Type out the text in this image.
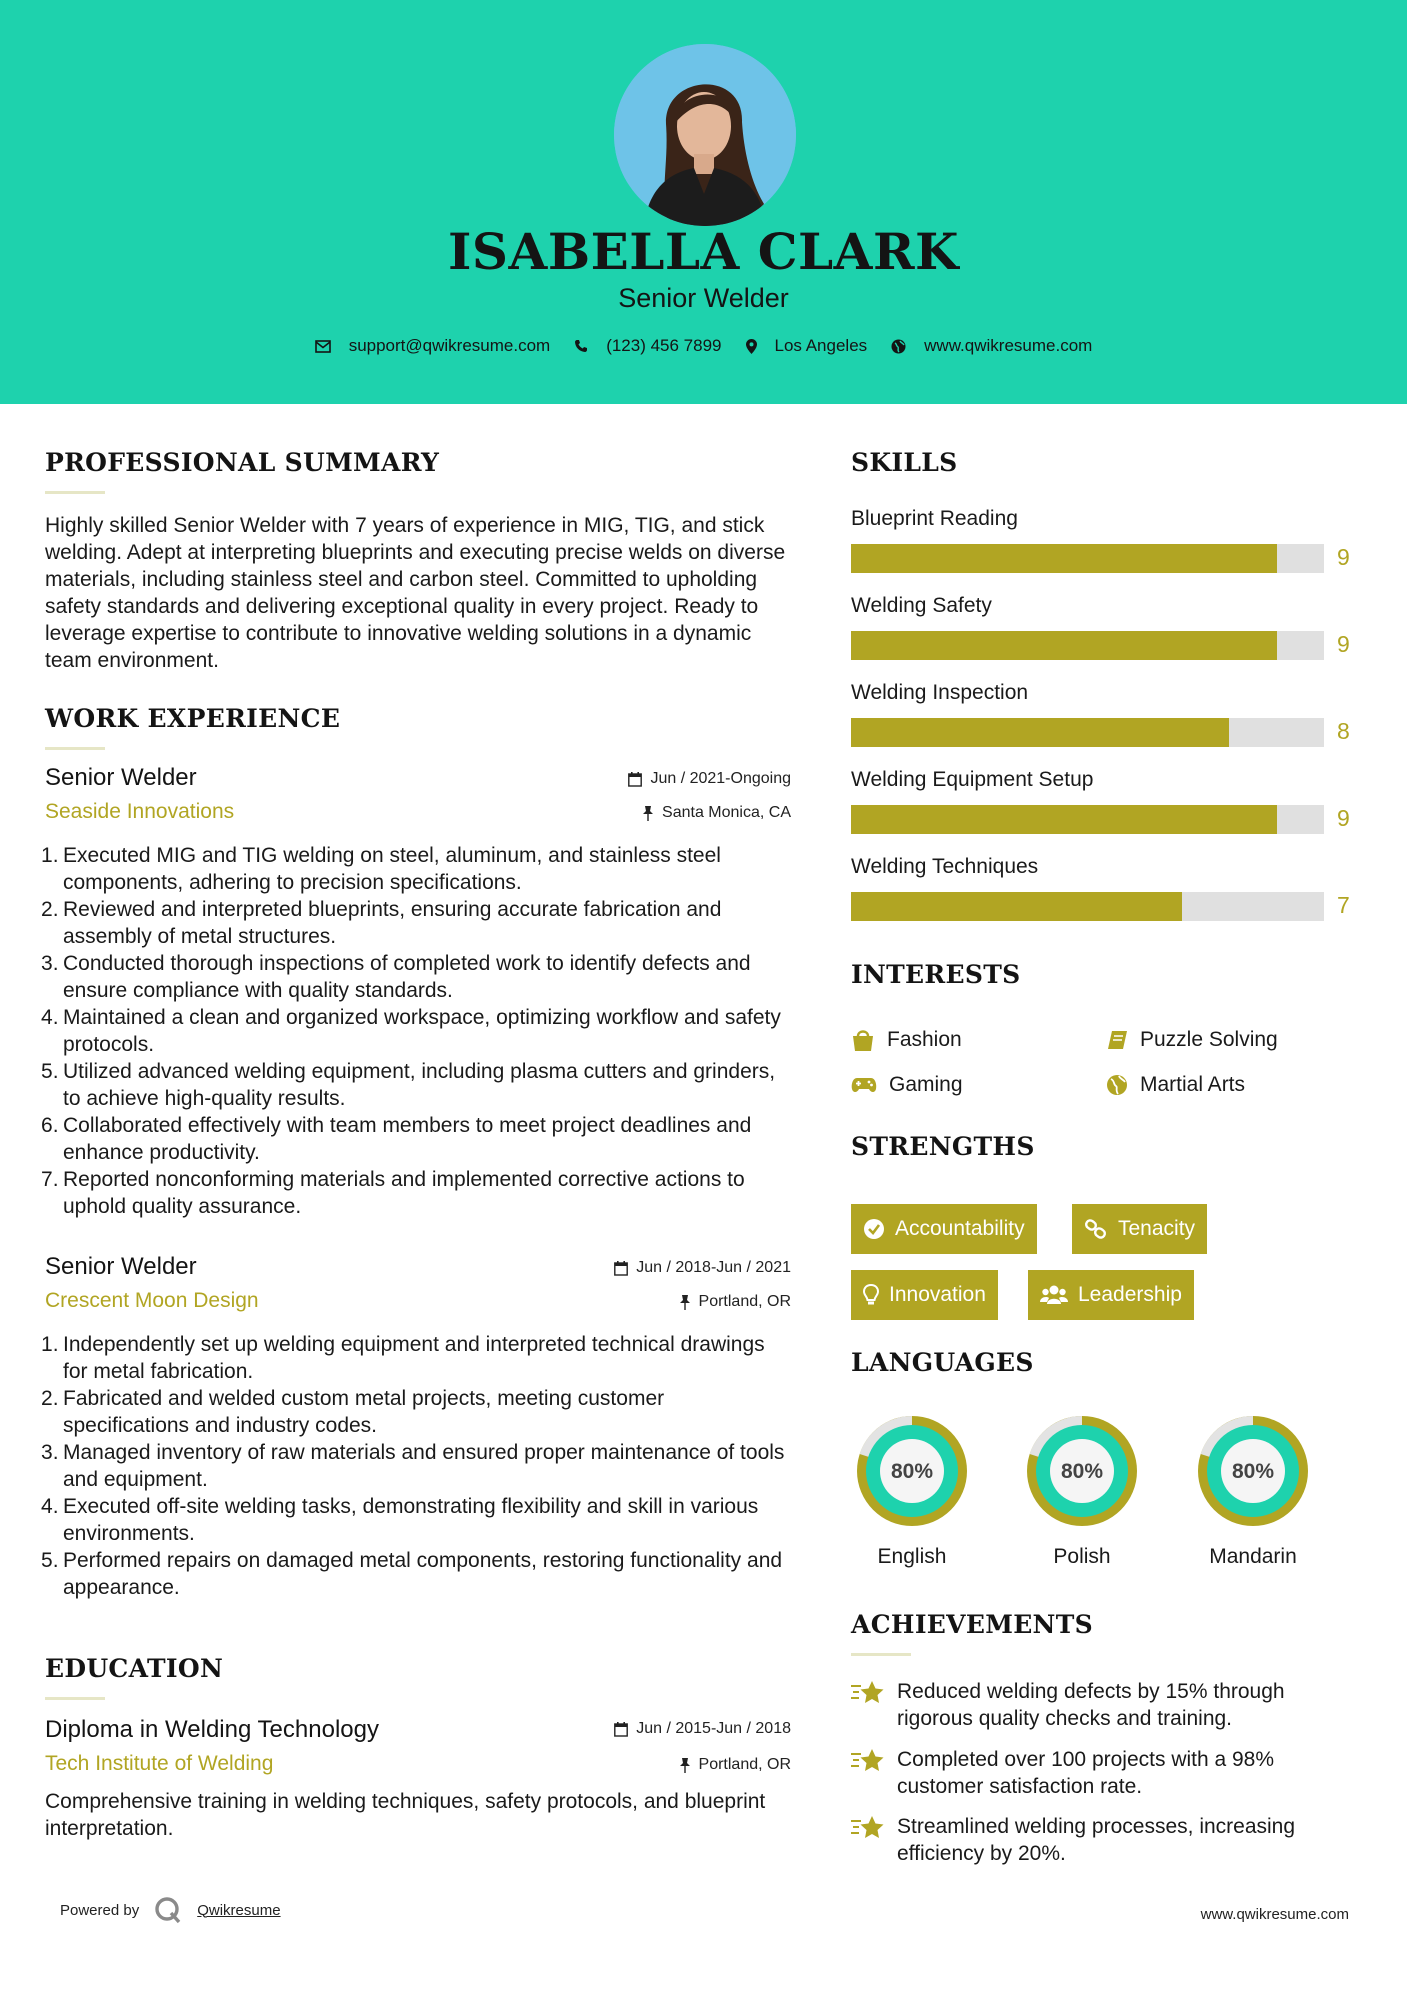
ISABELLA CLARK
Senior Welder
support@qwikresume.com	(123) 456 7899	Los Angeles	www.qwikresume.com
PROFESSIONAL SUMMARY
Highly skilled Senior Welder with 7 years of experience in MIG, TIG, and stick welding. Adept at interpreting blueprints and executing precise welds on diverse materials, including stainless steel and carbon steel. Committed to upholding safety standards and delivering exceptional quality in every project. Ready to leverage expertise to contribute to innovative welding solutions in a dynamic team environment.
WORK EXPERIENCE
Senior Welder	Jun / 2021-Ongoing
Seaside Innovations	Santa Monica, CA
Executed MIG and TIG welding on steel, aluminum, and stainless steel components, adhering to precision specifications.
Reviewed and interpreted blueprints, ensuring accurate fabrication and assembly of metal structures.
Conducted thorough inspections of completed work to identify defects and ensure compliance with quality standards.
Maintained a clean and organized workspace, optimizing workflow and safety protocols.
Utilized advanced welding equipment, including plasma cutters and grinders, to achieve high-quality results.
Collaborated effectively with team members to meet project deadlines and enhance productivity.
Reported nonconforming materials and implemented corrective actions to uphold quality assurance.
Senior Welder	Jun / 2018-Jun / 2021
Crescent Moon Design	Portland, OR
Independently set up welding equipment and interpreted technical drawings for metal fabrication.
Fabricated and welded custom metal projects, meeting customer specifications and industry codes.
Managed inventory of raw materials and ensured proper maintenance of tools and equipment.
Executed off-site welding tasks, demonstrating flexibility and skill in various environments.
Performed repairs on damaged metal components, restoring functionality and appearance.
EDUCATION
Diploma in Welding Technology	Jun / 2015-Jun / 2018
Tech Institute of Welding	Portland, OR
Comprehensive training in welding techniques, safety protocols, and blueprint interpretation.
SKILLS
Blueprint Reading
9
Welding Safety
9
Welding Inspection
8
Welding Equipment Setup
9
Welding Techniques
7
INTERESTS
Fashion	Puzzle Solving
Gaming	Martial Arts
STRENGTHS
Accountability	Tenacity
Innovation	Leadership
LANGUAGES
80%
English
80%
Polish
80%
Mandarin
ACHIEVEMENTS
Reduced welding defects by 15% through rigorous quality checks and training.
Completed over 100 projects with a 98% customer satisfaction rate.
Streamlined welding processes, increasing efficiency by 20%.
Powered by	Qwikresume	www.qwikresume.com
